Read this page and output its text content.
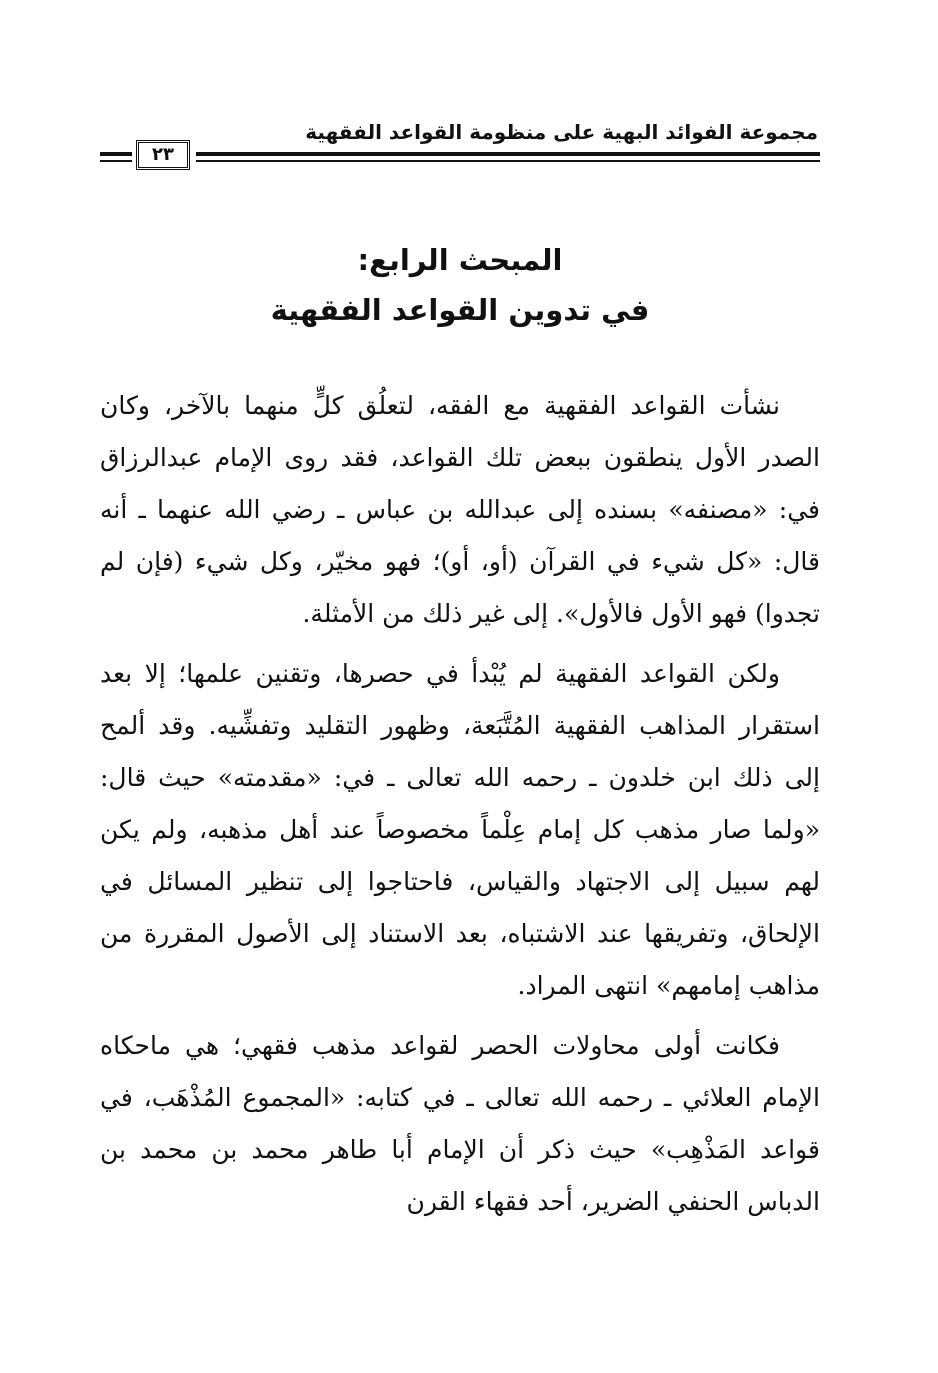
مجموعة الفوائد البهية على منظومة القواعد الفقهية
٢٣
المبحث الرابع:
في تدوين القواعد الفقهية

نشأت القواعد الفقهية مع الفقه، لتعلُق كلٍّ منهما بالآخر، وكان الصدر الأول ينطقون ببعض تلك القواعد، فقد روى الإمام عبدالرزاق في: «مصنفه» بسنده إلى عبدالله بن عباس ـ رضي الله عنهما ـ أنه قال: «كل شيء في القرآن (أو، أو)؛ فهو مخيّر، وكل شيء (فإن لم تجدوا) فهو الأول فالأول». إلى غير ذلك من الأمثلة.

ولكن القواعد الفقهية لم يُبْدأ في حصرها، وتقنين علمها؛ إلا بعد استقرار المذاهب الفقهية المُتَّبَعة، وظهور التقليد وتفشِّيه. وقد ألمح إلى ذلك ابن خلدون ـ رحمه الله تعالى ـ في: «مقدمته» حيث قال: «ولما صار مذهب كل إمام عِلْماً مخصوصاً عند أهل مذهبه، ولم يكن لهم سبيل إلى الاجتهاد والقياس، فاحتاجوا إلى تنظير المسائل في الإلحاق، وتفريقها عند الاشتباه، بعد الاستناد إلى الأصول المقررة من مذاهب إمامهم» انتهى المراد.

فكانت أولى محاولات الحصر لقواعد مذهب فقهي؛ هي ماحكاه الإمام العلائي ـ رحمه الله تعالى ـ في كتابه: «المجموع المُذْهَب، في قواعد المَذْهِب» حيث ذكر أن الإمام أبا طاهر محمد بن محمد بن الدباس الحنفي الضرير، أحد فقهاء القرن
